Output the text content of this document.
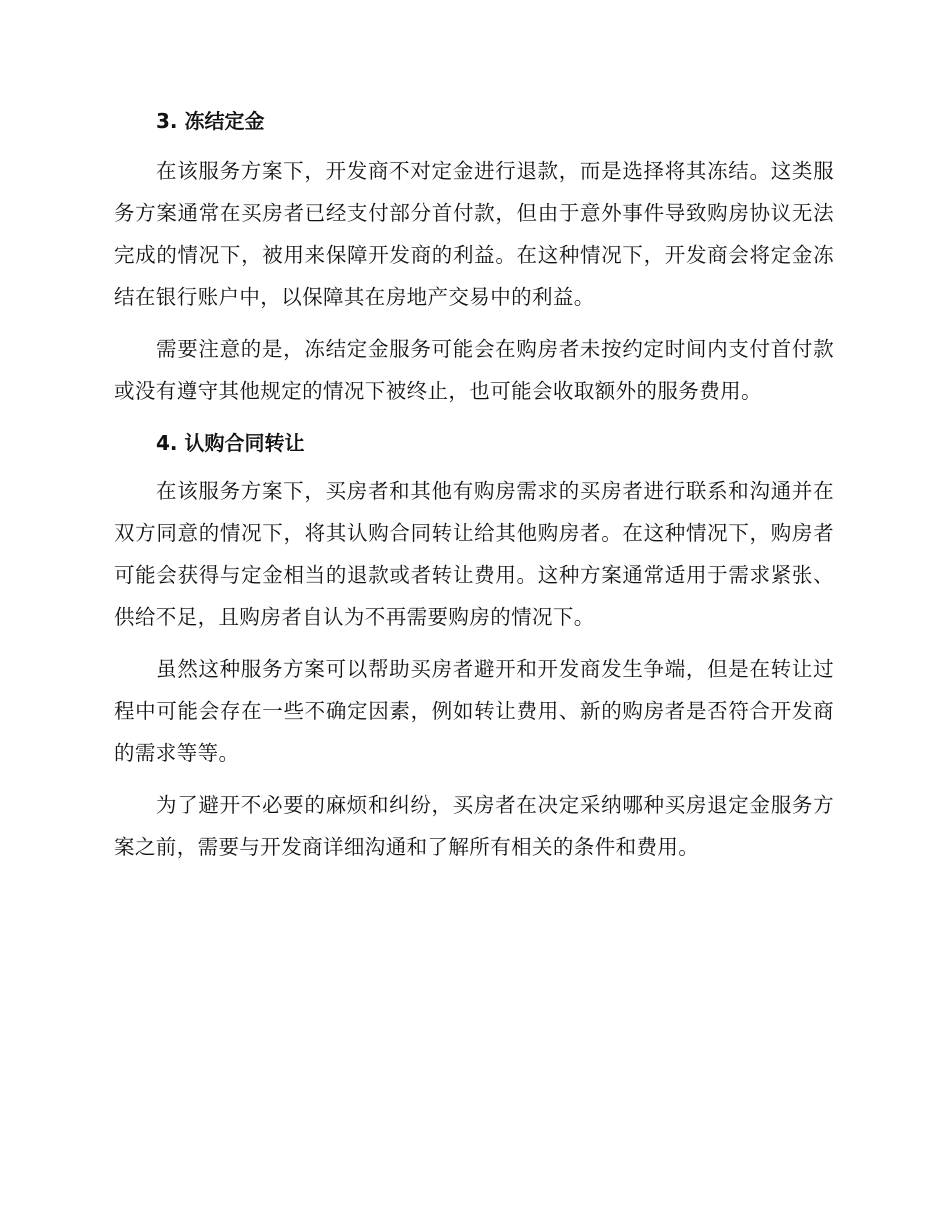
3. 冻结定金

在该服务方案下，开发商不对定金进行退款，而是选择将其冻结。这类服务方案通常在买房者已经支付部分首付款，但由于意外事件导致购房协议无法完成的情况下，被用来保障开发商的利益。在这种情况下，开发商会将定金冻结在银行账户中，以保障其在房地产交易中的利益。

需要注意的是，冻结定金服务可能会在购房者未按约定时间内支付首付款或没有遵守其他规定的情况下被终止，也可能会收取额外的服务费用。

4. 认购合同转让

在该服务方案下，买房者和其他有购房需求的买房者进行联系和沟通并在双方同意的情况下，将其认购合同转让给其他购房者。在这种情况下，购房者可能会获得与定金相当的退款或者转让费用。这种方案通常适用于需求紧张、供给不足，且购房者自认为不再需要购房的情况下。

虽然这种服务方案可以帮助买房者避开和开发商发生争端，但是在转让过程中可能会存在一些不确定因素，例如转让费用、新的购房者是否符合开发商的需求等等。

为了避开不必要的麻烦和纠纷，买房者在决定采纳哪种买房退定金服务方案之前，需要与开发商详细沟通和了解所有相关的条件和费用。
